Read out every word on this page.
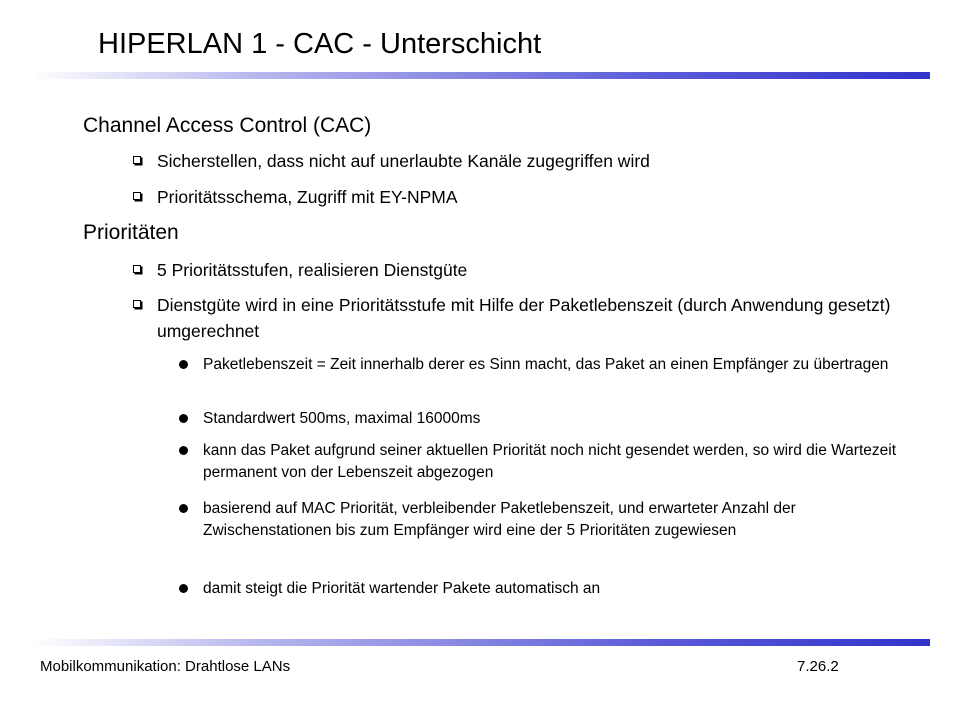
HIPERLAN 1 - CAC - Unterschicht
Channel Access Control (CAC)
Sicherstellen, dass nicht auf unerlaubte Kanäle zugegriffen wird
Prioritätsschema, Zugriff mit EY-NPMA
Prioritäten
5 Prioritätsstufen, realisieren Dienstgüte
Dienstgüte wird in eine Prioritätsstufe mit Hilfe der Paketlebenszeit (durch Anwendung gesetzt) umgerechnet
Paketlebenszeit = Zeit innerhalb derer es Sinn macht, das Paket an einen Empfänger zu übertragen
Standardwert 500ms, maximal 16000ms
kann das Paket aufgrund seiner aktuellen Priorität noch nicht gesendet werden, so wird die Wartezeit permanent von der Lebenszeit abgezogen
basierend auf MAC Priorität, verbleibender Paketlebenszeit, und erwarteter Anzahl der Zwischenstationen bis zum Empfänger wird eine der 5 Prioritäten zugewiesen
damit steigt die Priorität wartender Pakete automatisch an
Mobilkommunikation: Drahtlose LANs	7.26.2
